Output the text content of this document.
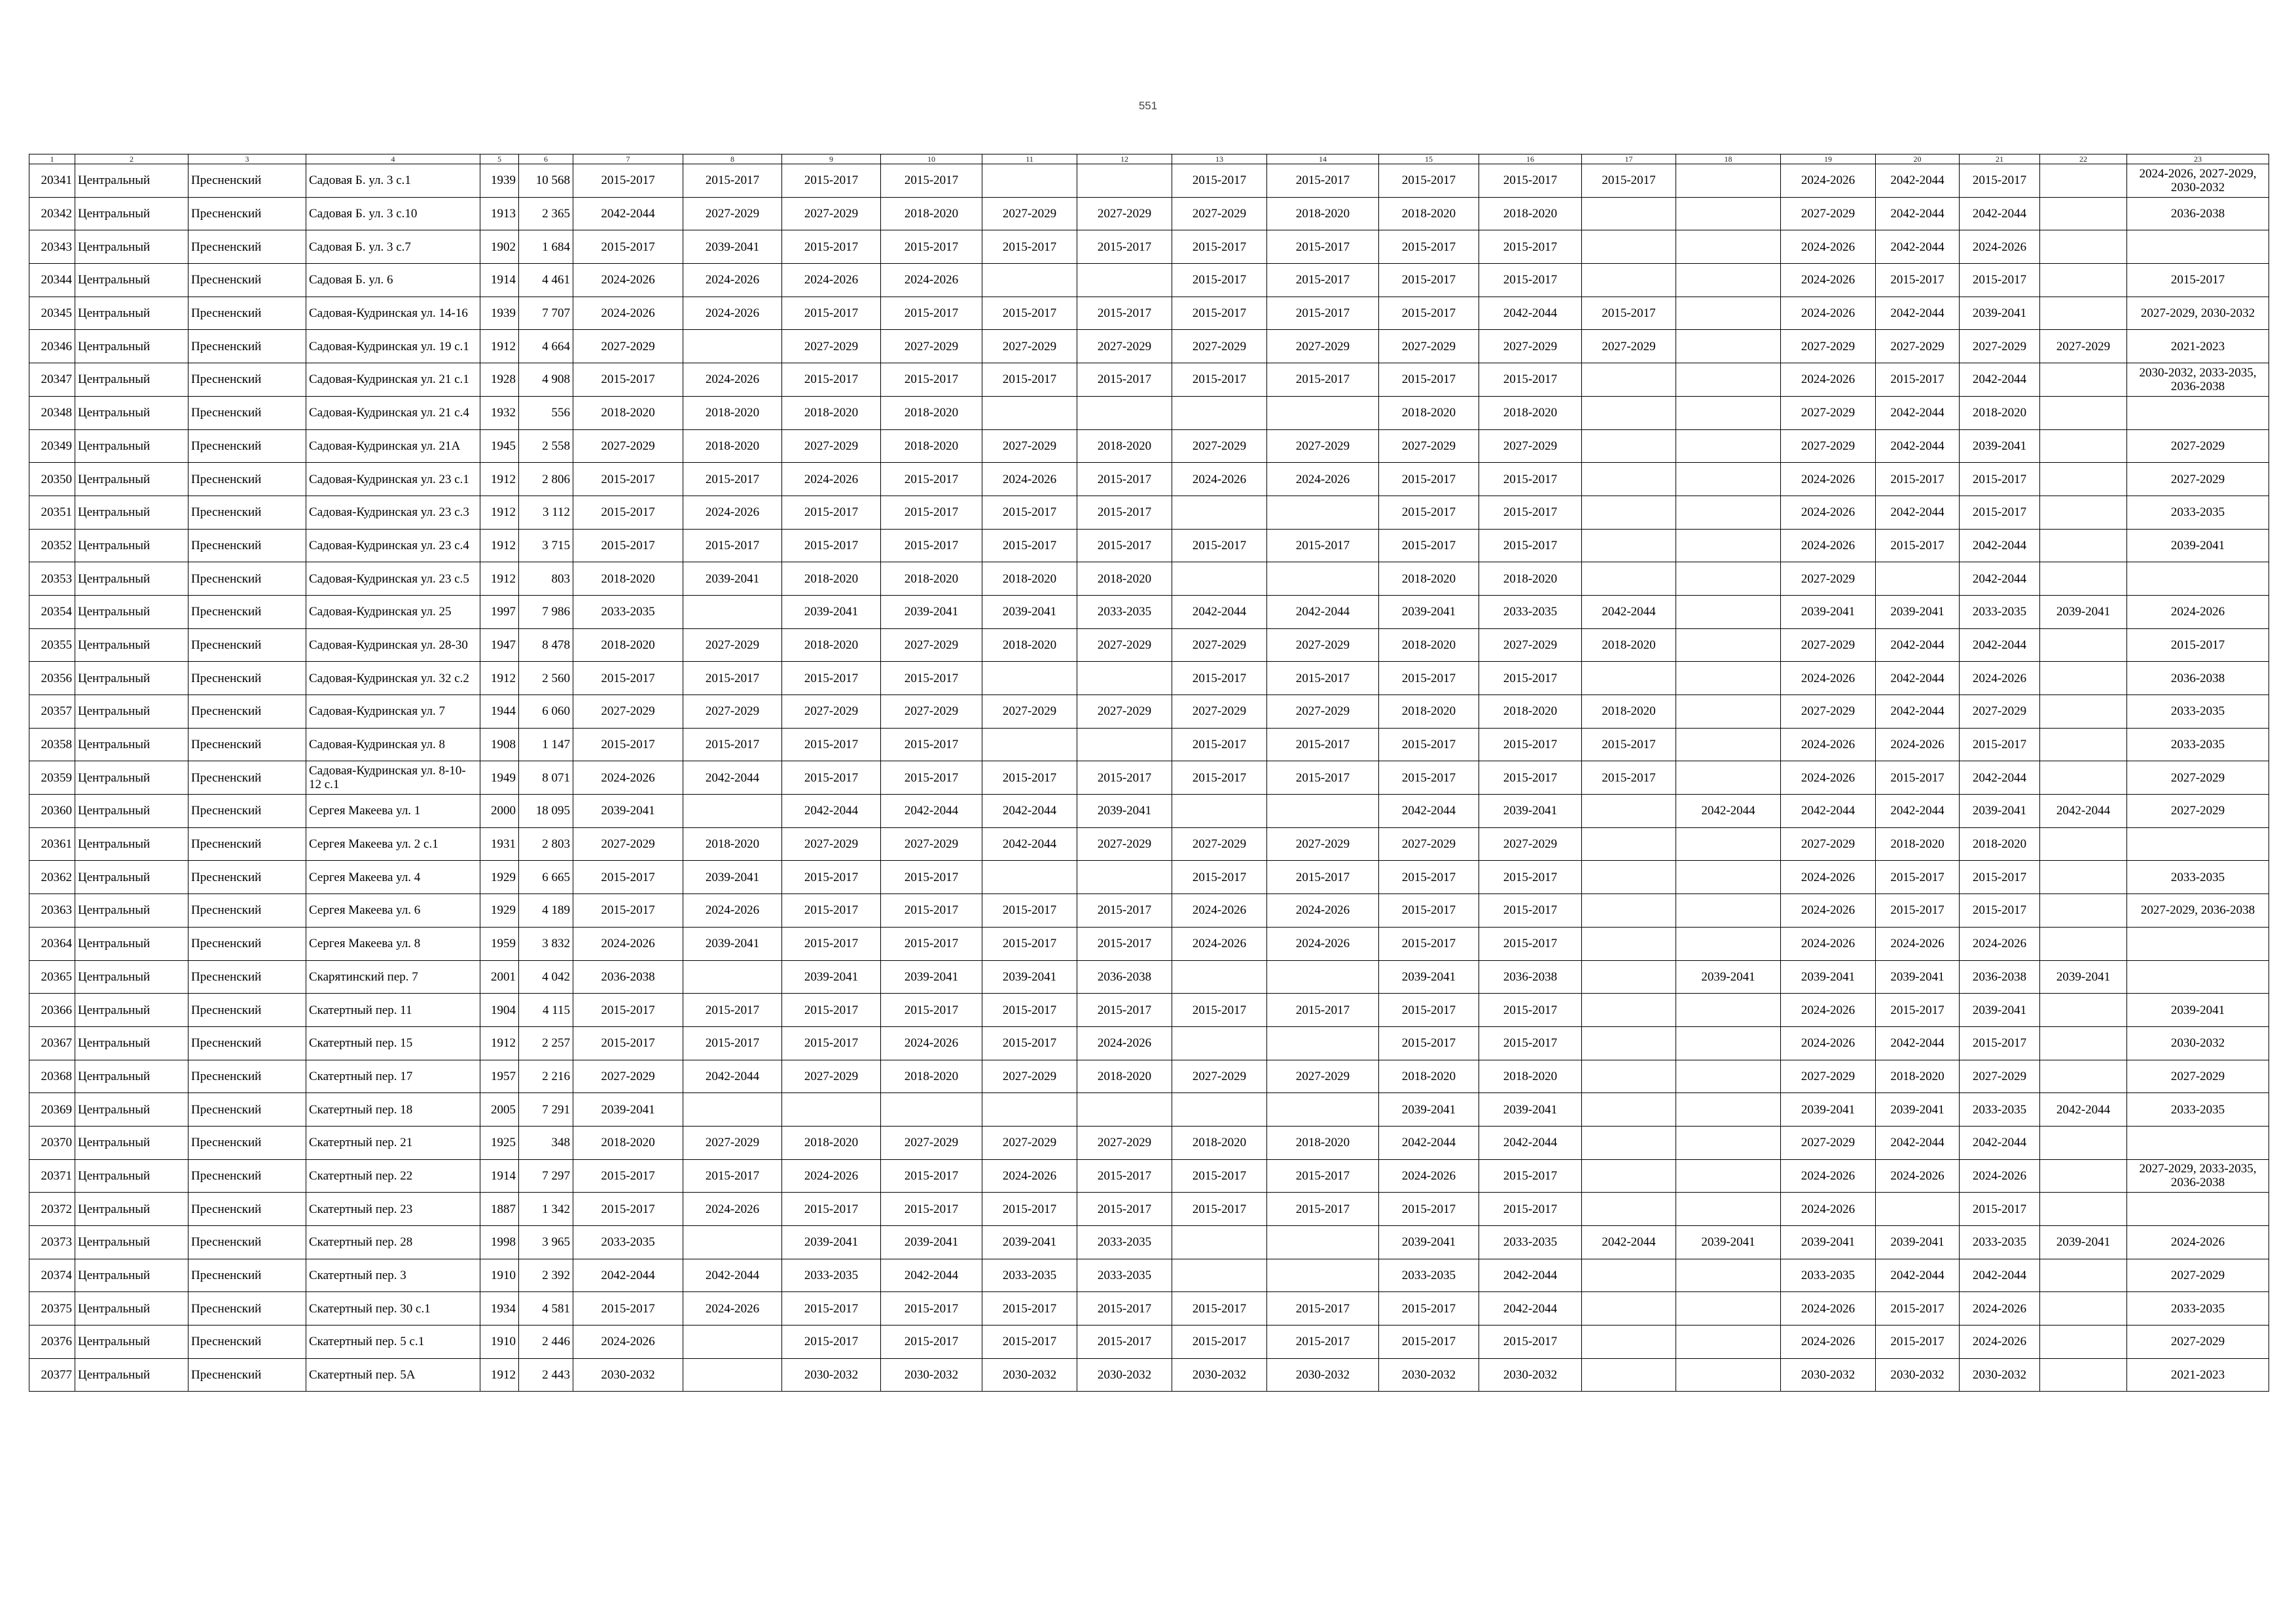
551
1	2	3	4	5	6	7	8	9	10	11	12	13	14	15	16	17	18	19	20	21	22	23
20341	Центральный	Пресненский	Садовая Б. ул. 3 с.1	1939	10 568	2015-2017	2015-2017	2015-2017	2015-2017			2015-2017	2015-2017	2015-2017	2015-2017	2015-2017		2024-2026	2042-2044	2015-2017		2024-2026, 2027-2029, 2030-2032
20342	Центральный	Пресненский	Садовая Б. ул. 3 с.10	1913	2 365	2042-2044	2027-2029	2027-2029	2018-2020	2027-2029	2027-2029	2027-2029	2018-2020	2018-2020	2018-2020			2027-2029	2042-2044	2042-2044		2036-2038
20343	Центральный	Пресненский	Садовая Б. ул. 3 с.7	1902	1 684	2015-2017	2039-2041	2015-2017	2015-2017	2015-2017	2015-2017	2015-2017	2015-2017	2015-2017	2015-2017			2024-2026	2042-2044	2024-2026		
20344	Центральный	Пресненский	Садовая Б. ул. 6	1914	4 461	2024-2026	2024-2026	2024-2026	2024-2026			2015-2017	2015-2017	2015-2017	2015-2017			2024-2026	2015-2017	2015-2017		2015-2017
20345	Центральный	Пресненский	Садовая-Кудринская ул. 14-16	1939	7 707	2024-2026	2024-2026	2015-2017	2015-2017	2015-2017	2015-2017	2015-2017	2015-2017	2015-2017	2042-2044	2015-2017		2024-2026	2042-2044	2039-2041		2027-2029, 2030-2032
20346	Центральный	Пресненский	Садовая-Кудринская ул. 19 с.1	1912	4 664	2027-2029		2027-2029	2027-2029	2027-2029	2027-2029	2027-2029	2027-2029	2027-2029	2027-2029	2027-2029		2027-2029	2027-2029	2027-2029	2027-2029	2021-2023
20347	Центральный	Пресненский	Садовая-Кудринская ул. 21 с.1	1928	4 908	2015-2017	2024-2026	2015-2017	2015-2017	2015-2017	2015-2017	2015-2017	2015-2017	2015-2017	2015-2017			2024-2026	2015-2017	2042-2044		2030-2032, 2033-2035, 2036-2038
20348	Центральный	Пресненский	Садовая-Кудринская ул. 21 с.4	1932	556	2018-2020	2018-2020	2018-2020	2018-2020					2018-2020	2018-2020			2027-2029	2042-2044	2018-2020		
20349	Центральный	Пресненский	Садовая-Кудринская ул. 21А	1945	2 558	2027-2029	2018-2020	2027-2029	2018-2020	2027-2029	2018-2020	2027-2029	2027-2029	2027-2029	2027-2029			2027-2029	2042-2044	2039-2041		2027-2029
20350	Центральный	Пресненский	Садовая-Кудринская ул. 23 с.1	1912	2 806	2015-2017	2015-2017	2024-2026	2015-2017	2024-2026	2015-2017	2024-2026	2024-2026	2015-2017	2015-2017			2024-2026	2015-2017	2015-2017		2027-2029
20351	Центральный	Пресненский	Садовая-Кудринская ул. 23 с.3	1912	3 112	2015-2017	2024-2026	2015-2017	2015-2017	2015-2017	2015-2017			2015-2017	2015-2017			2024-2026	2042-2044	2015-2017		2033-2035
20352	Центральный	Пресненский	Садовая-Кудринская ул. 23 с.4	1912	3 715	2015-2017	2015-2017	2015-2017	2015-2017	2015-2017	2015-2017	2015-2017	2015-2017	2015-2017	2015-2017			2024-2026	2015-2017	2042-2044		2039-2041
20353	Центральный	Пресненский	Садовая-Кудринская ул. 23 с.5	1912	803	2018-2020	2039-2041	2018-2020	2018-2020	2018-2020	2018-2020			2018-2020	2018-2020			2027-2029		2042-2044		
20354	Центральный	Пресненский	Садовая-Кудринская ул. 25	1997	7 986	2033-2035		2039-2041	2039-2041	2039-2041	2033-2035	2042-2044	2042-2044	2039-2041	2033-2035	2042-2044		2039-2041	2039-2041	2033-2035	2039-2041	2024-2026
20355	Центральный	Пресненский	Садовая-Кудринская ул. 28-30	1947	8 478	2018-2020	2027-2029	2018-2020	2027-2029	2018-2020	2027-2029	2027-2029	2027-2029	2018-2020	2027-2029	2018-2020		2027-2029	2042-2044	2042-2044		2015-2017
20356	Центральный	Пресненский	Садовая-Кудринская ул. 32 с.2	1912	2 560	2015-2017	2015-2017	2015-2017	2015-2017			2015-2017	2015-2017	2015-2017	2015-2017			2024-2026	2042-2044	2024-2026		2036-2038
20357	Центральный	Пресненский	Садовая-Кудринская ул. 7	1944	6 060	2027-2029	2027-2029	2027-2029	2027-2029	2027-2029	2027-2029	2027-2029	2027-2029	2018-2020	2018-2020	2018-2020		2027-2029	2042-2044	2027-2029		2033-2035
20358	Центральный	Пресненский	Садовая-Кудринская ул. 8	1908	1 147	2015-2017	2015-2017	2015-2017	2015-2017			2015-2017	2015-2017	2015-2017	2015-2017	2015-2017		2024-2026	2024-2026	2015-2017		2033-2035
20359	Центральный	Пресненский	Садовая-Кудринская ул. 8-10-12 с.1	1949	8 071	2024-2026	2042-2044	2015-2017	2015-2017	2015-2017	2015-2017	2015-2017	2015-2017	2015-2017	2015-2017	2015-2017		2024-2026	2015-2017	2042-2044		2027-2029
20360	Центральный	Пресненский	Сергея Макеева ул. 1	2000	18 095	2039-2041		2042-2044	2042-2044	2042-2044	2039-2041			2042-2044	2039-2041		2042-2044	2042-2044	2042-2044	2039-2041	2042-2044	2027-2029
20361	Центральный	Пресненский	Сергея Макеева ул. 2 с.1	1931	2 803	2027-2029	2018-2020	2027-2029	2027-2029	2042-2044	2027-2029	2027-2029	2027-2029	2027-2029	2027-2029			2027-2029	2018-2020	2018-2020		
20362	Центральный	Пресненский	Сергея Макеева ул. 4	1929	6 665	2015-2017	2039-2041	2015-2017	2015-2017			2015-2017	2015-2017	2015-2017	2015-2017			2024-2026	2015-2017	2015-2017		2033-2035
20363	Центральный	Пресненский	Сергея Макеева ул. 6	1929	4 189	2015-2017	2024-2026	2015-2017	2015-2017	2015-2017	2015-2017	2024-2026	2024-2026	2015-2017	2015-2017			2024-2026	2015-2017	2015-2017		2027-2029, 2036-2038
20364	Центральный	Пресненский	Сергея Макеева ул. 8	1959	3 832	2024-2026	2039-2041	2015-2017	2015-2017	2015-2017	2015-2017	2024-2026	2024-2026	2015-2017	2015-2017			2024-2026	2024-2026	2024-2026		
20365	Центральный	Пресненский	Скарятинский пер. 7	2001	4 042	2036-2038		2039-2041	2039-2041	2039-2041	2036-2038			2039-2041	2036-2038		2039-2041	2039-2041	2039-2041	2036-2038	2039-2041	
20366	Центральный	Пресненский	Скатертный пер. 11	1904	4 115	2015-2017	2015-2017	2015-2017	2015-2017	2015-2017	2015-2017	2015-2017	2015-2017	2015-2017	2015-2017			2024-2026	2015-2017	2039-2041		2039-2041
20367	Центральный	Пресненский	Скатертный пер. 15	1912	2 257	2015-2017	2015-2017	2015-2017	2024-2026	2015-2017	2024-2026			2015-2017	2015-2017			2024-2026	2042-2044	2015-2017		2030-2032
20368	Центральный	Пресненский	Скатертный пер. 17	1957	2 216	2027-2029	2042-2044	2027-2029	2018-2020	2027-2029	2018-2020	2027-2029	2027-2029	2018-2020	2018-2020			2027-2029	2018-2020	2027-2029		2027-2029
20369	Центральный	Пресненский	Скатертный пер. 18	2005	7 291	2039-2041								2039-2041	2039-2041			2039-2041	2039-2041	2033-2035	2042-2044	2033-2035
20370	Центральный	Пресненский	Скатертный пер. 21	1925	348	2018-2020	2027-2029	2018-2020	2027-2029	2027-2029	2027-2029	2018-2020	2018-2020	2042-2044	2042-2044			2027-2029	2042-2044	2042-2044		
20371	Центральный	Пресненский	Скатертный пер. 22	1914	7 297	2015-2017	2015-2017	2024-2026	2015-2017	2024-2026	2015-2017	2015-2017	2015-2017	2024-2026	2015-2017			2024-2026	2024-2026	2024-2026		2027-2029, 2033-2035, 2036-2038
20372	Центральный	Пресненский	Скатертный пер. 23	1887	1 342	2015-2017	2024-2026	2015-2017	2015-2017	2015-2017	2015-2017	2015-2017	2015-2017	2015-2017	2015-2017			2024-2026		2015-2017		
20373	Центральный	Пресненский	Скатертный пер. 28	1998	3 965	2033-2035		2039-2041	2039-2041	2039-2041	2033-2035			2039-2041	2033-2035	2042-2044	2039-2041	2039-2041	2039-2041	2033-2035	2039-2041	2024-2026
20374	Центральный	Пресненский	Скатертный пер. 3	1910	2 392	2042-2044	2042-2044	2033-2035	2042-2044	2033-2035	2033-2035			2033-2035	2042-2044			2033-2035	2042-2044	2042-2044		2027-2029
20375	Центральный	Пресненский	Скатертный пер. 30 с.1	1934	4 581	2015-2017	2024-2026	2015-2017	2015-2017	2015-2017	2015-2017	2015-2017	2015-2017	2015-2017	2042-2044			2024-2026	2015-2017	2024-2026		2033-2035
20376	Центральный	Пресненский	Скатертный пер. 5 с.1	1910	2 446	2024-2026		2015-2017	2015-2017	2015-2017	2015-2017	2015-2017	2015-2017	2015-2017	2015-2017			2024-2026	2015-2017	2024-2026		2027-2029
20377	Центральный	Пресненский	Скатертный пер. 5А	1912	2 443	2030-2032		2030-2032	2030-2032	2030-2032	2030-2032	2030-2032	2030-2032	2030-2032	2030-2032			2030-2032	2030-2032	2030-2032		2021-2023
